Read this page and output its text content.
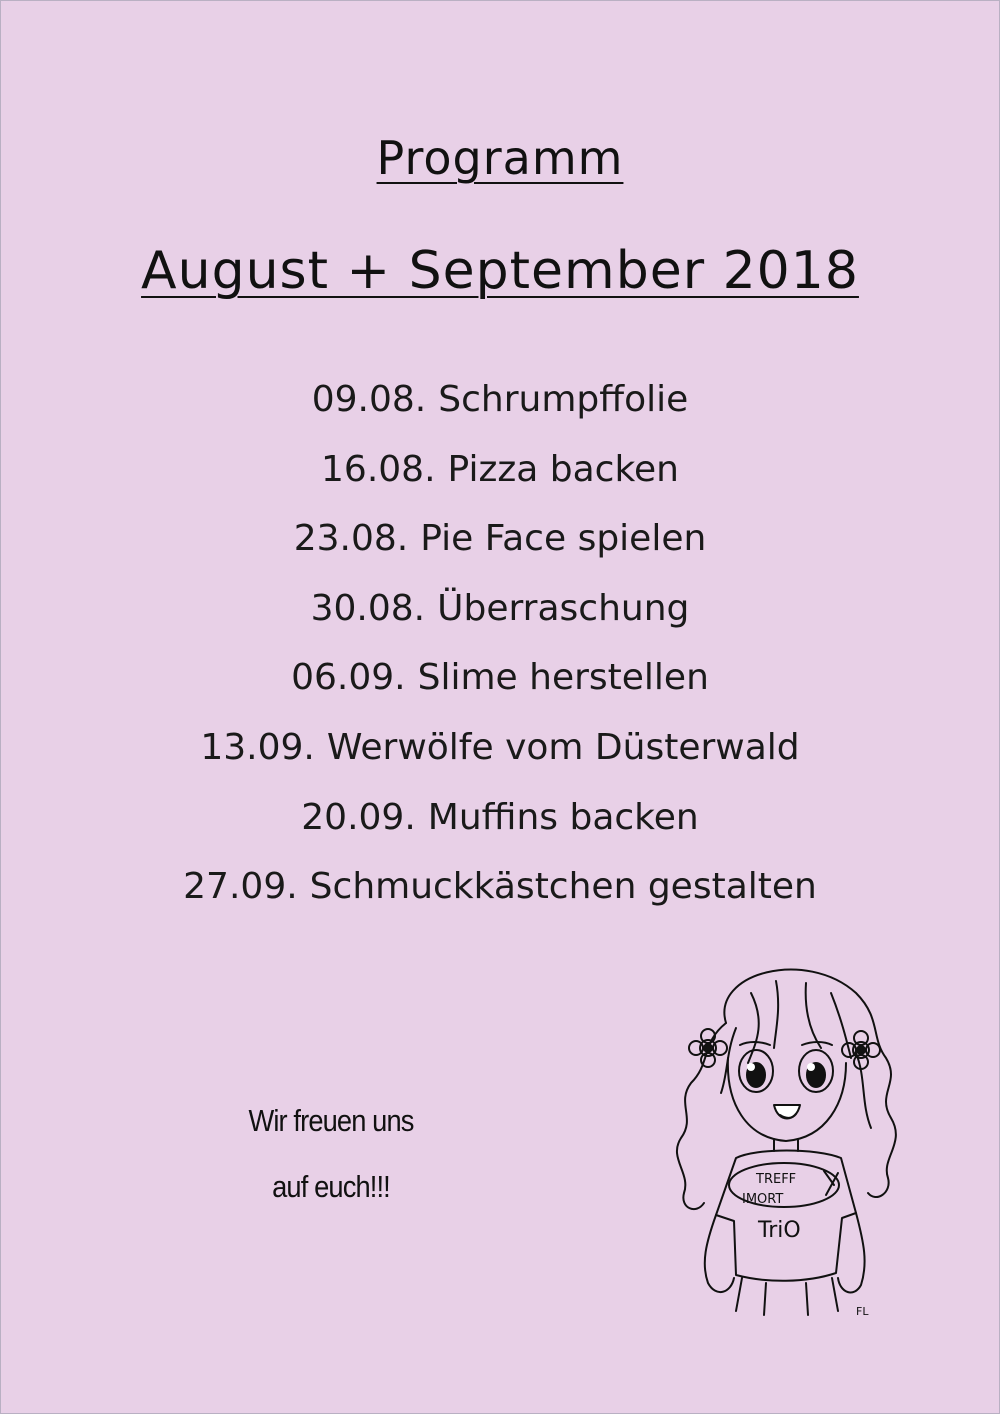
Programm
August + September 2018
09.08. Schrumpffolie
16.08. Pizza backen
23.08. Pie Face spielen
30.08. Überraschung
06.09. Slime herstellen
13.09. Werwölfe vom Düsterwald
20.09. Muffins backen
27.09. Schmuckkästchen gestalten
Wir freuen uns
auf euch!!!	TREFF
IMORT
TriO
FL
